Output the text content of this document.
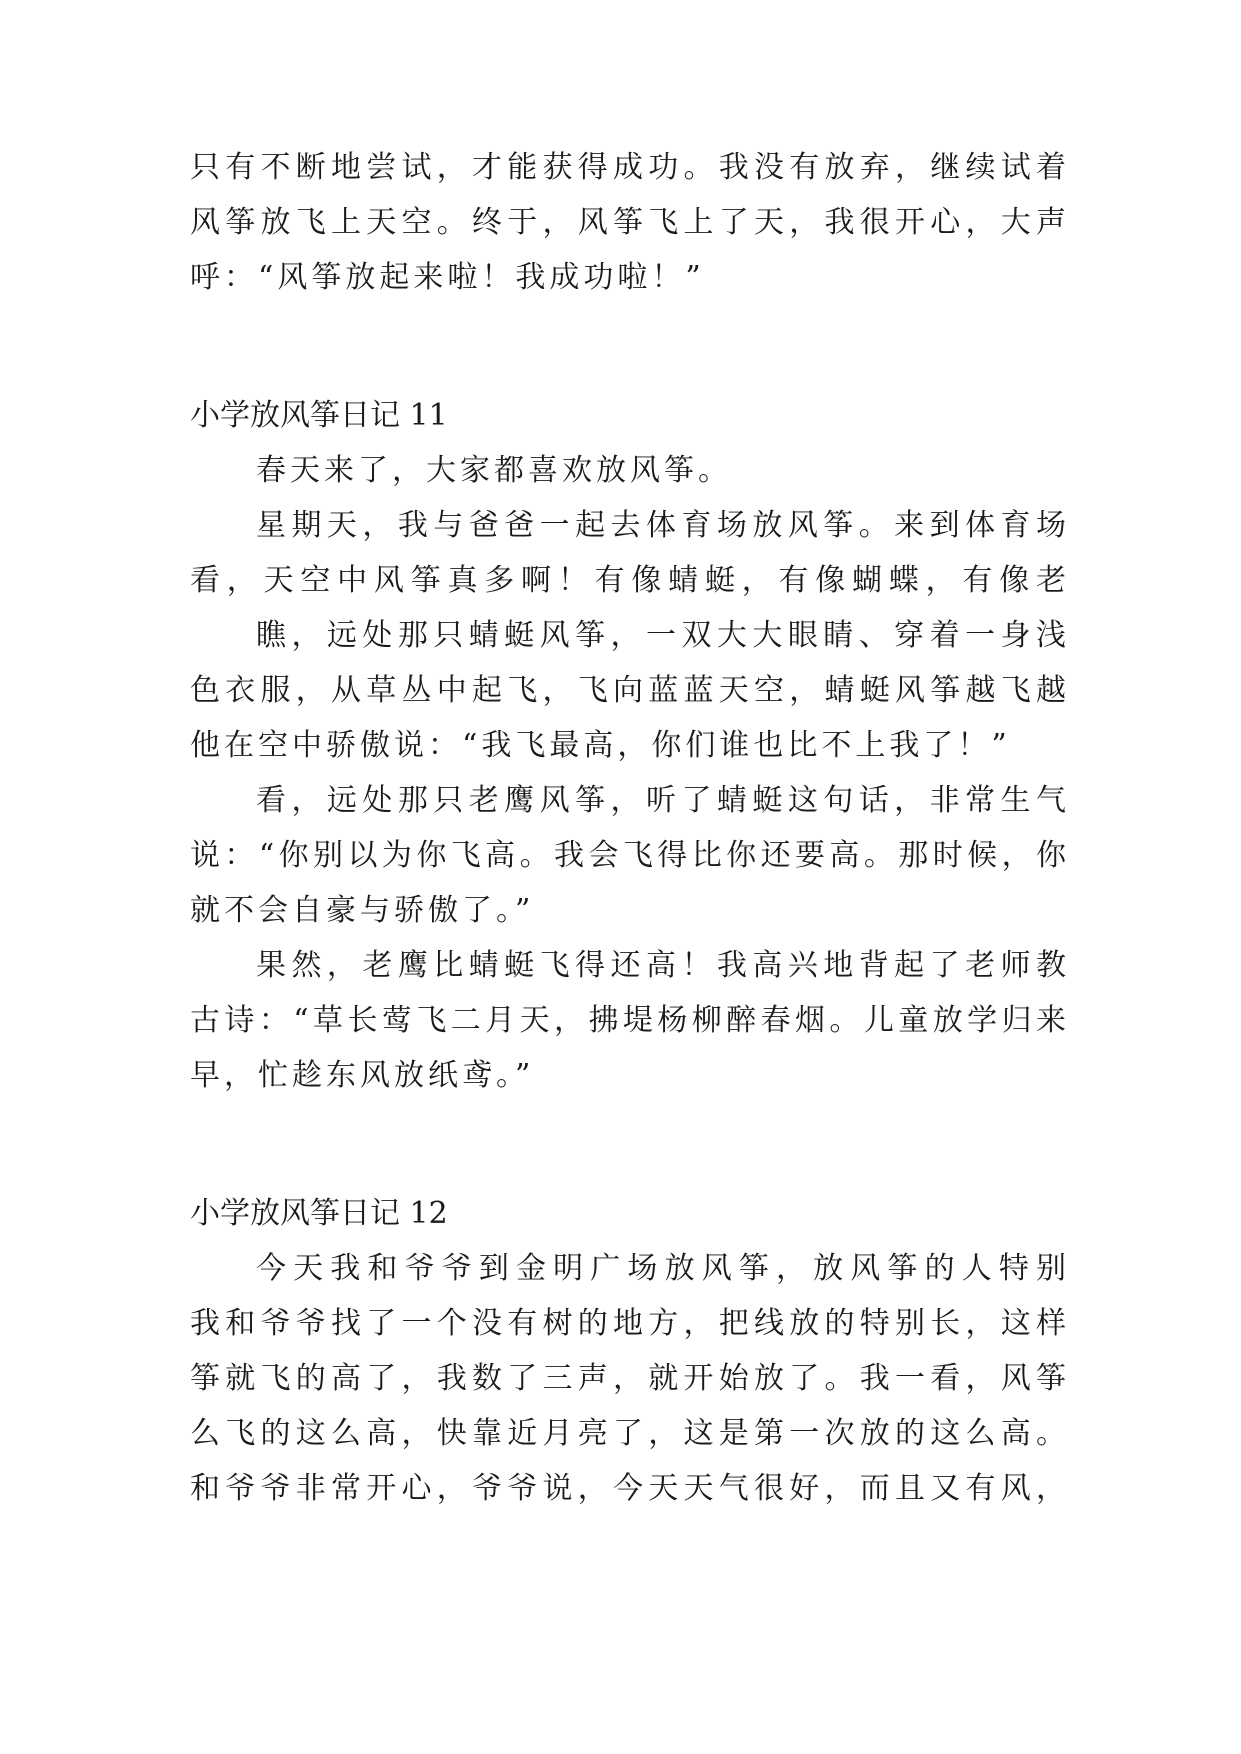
只有不断地尝试，才能获得成功。我没有放弃，继续试着
风筝放飞上天空。终于，风筝飞上了天，我很开心，大声
呼：“风筝放起来啦！我成功啦！”
小学放风筝日记 11
春天来了，大家都喜欢放风筝。
星期天，我与爸爸一起去体育场放风筝。来到体育场
看，天空中风筝真多啊！有像蜻蜓，有像蝴蝶，有像老
瞧，远处那只蜻蜓风筝，一双大大眼睛、穿着一身浅
色衣服，从草丛中起飞，飞向蓝蓝天空，蜻蜓风筝越飞越
他在空中骄傲说：“我飞最高，你们谁也比不上我了！”
看，远处那只老鹰风筝，听了蜻蜓这句话，非常生气
说：“你别以为你飞高。我会飞得比你还要高。那时候，你
就不会自豪与骄傲了。”
果然，老鹰比蜻蜓飞得还高！我高兴地背起了老师教
古诗：“草长莺飞二月天，拂堤杨柳醉春烟。儿童放学归来
早，忙趁东风放纸鸢。”
小学放风筝日记 12
今天我和爷爷到金明广场放风筝，放风筝的人特别
我和爷爷找了一个没有树的地方，把线放的特别长，这样
筝就飞的高了，我数了三声，就开始放了。我一看，风筝
么飞的这么高，快靠近月亮了，这是第一次放的这么高。
和爷爷非常开心，爷爷说，今天天气很好，而且又有风，
